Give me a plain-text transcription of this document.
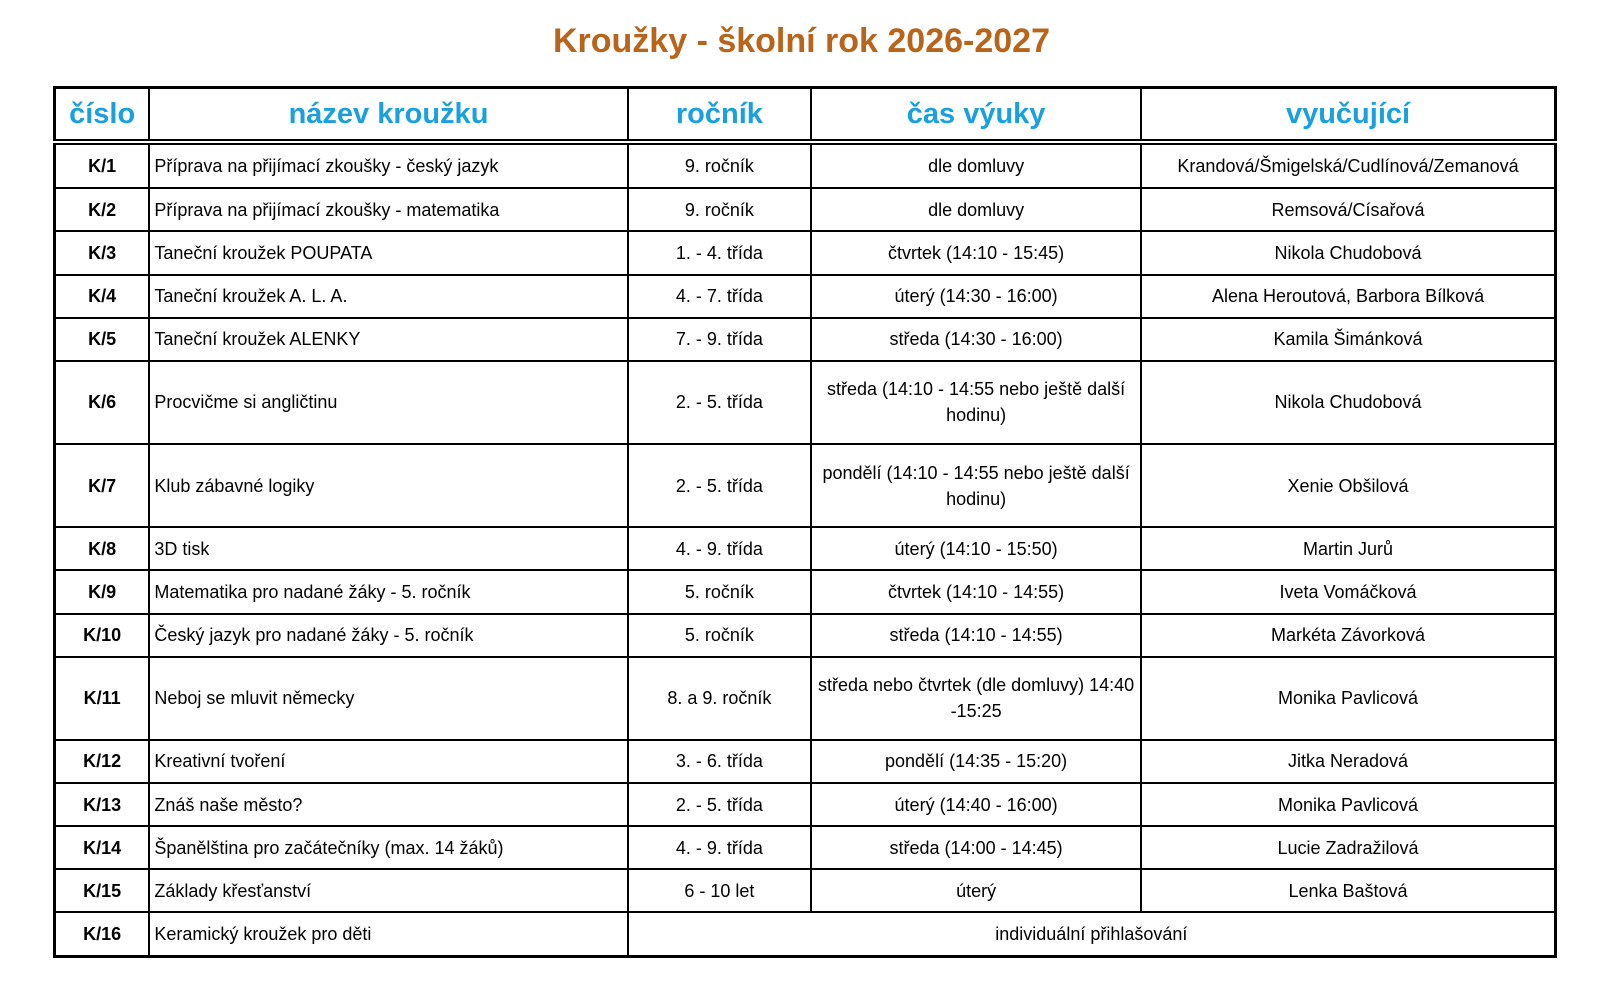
Kroužky - školní rok 2026-2027
číslo	název kroužku	ročník	čas výuky	vyučující
K/1	Příprava na přijímací zkoušky - český jazyk	9. ročník	dle domluvy	Krandová/Šmigelská/Cudlínová/Zemanová
K/2	Příprava na přijímací zkoušky - matematika	9. ročník	dle domluvy	Remsová/Císařová
K/3	Taneční kroužek POUPATA	1. - 4. třída	čtvrtek (14:10 - 15:45)	Nikola Chudobová
K/4	Taneční kroužek A. L. A.	4. - 7. třída	úterý (14:30 - 16:00)	Alena Heroutová, Barbora Bílková
K/5	Taneční kroužek ALENKY	7. - 9. třída	středa (14:30 - 16:00)	Kamila Šimánková
K/6	Procvičme si angličtinu	2. - 5. třída	středa (14:10 - 14:55 nebo ještě další hodinu)	Nikola Chudobová
K/7	Klub zábavné logiky	2. - 5. třída	pondělí (14:10 - 14:55 nebo ještě další hodinu)	Xenie Obšilová
K/8	3D tisk	4. - 9. třída	úterý (14:10 - 15:50)	Martin Jurů
K/9	Matematika pro nadané žáky - 5. ročník	5. ročník	čtvrtek (14:10 - 14:55)	Iveta Vomáčková
K/10	Český jazyk pro nadané žáky - 5. ročník	5. ročník	středa (14:10 - 14:55)	Markéta Závorková
K/11	Neboj se mluvit německy	8. a 9. ročník	středa nebo čtvrtek (dle domluvy) 14:40 -15:25	Monika Pavlicová
K/12	Kreativní tvoření	3. - 6. třída	pondělí (14:35 - 15:20)	Jitka Neradová
K/13	Znáš naše město?	2. - 5. třída	úterý (14:40 - 16:00)	Monika Pavlicová
K/14	Španělština pro začátečníky (max. 14 žáků)	4. - 9. třída	středa (14:00 - 14:45)	Lucie Zadražilová
K/15	Základy křesťanství	6 - 10 let	úterý	Lenka Baštová
K/16	Keramický kroužek pro děti	individuální přihlašování		
